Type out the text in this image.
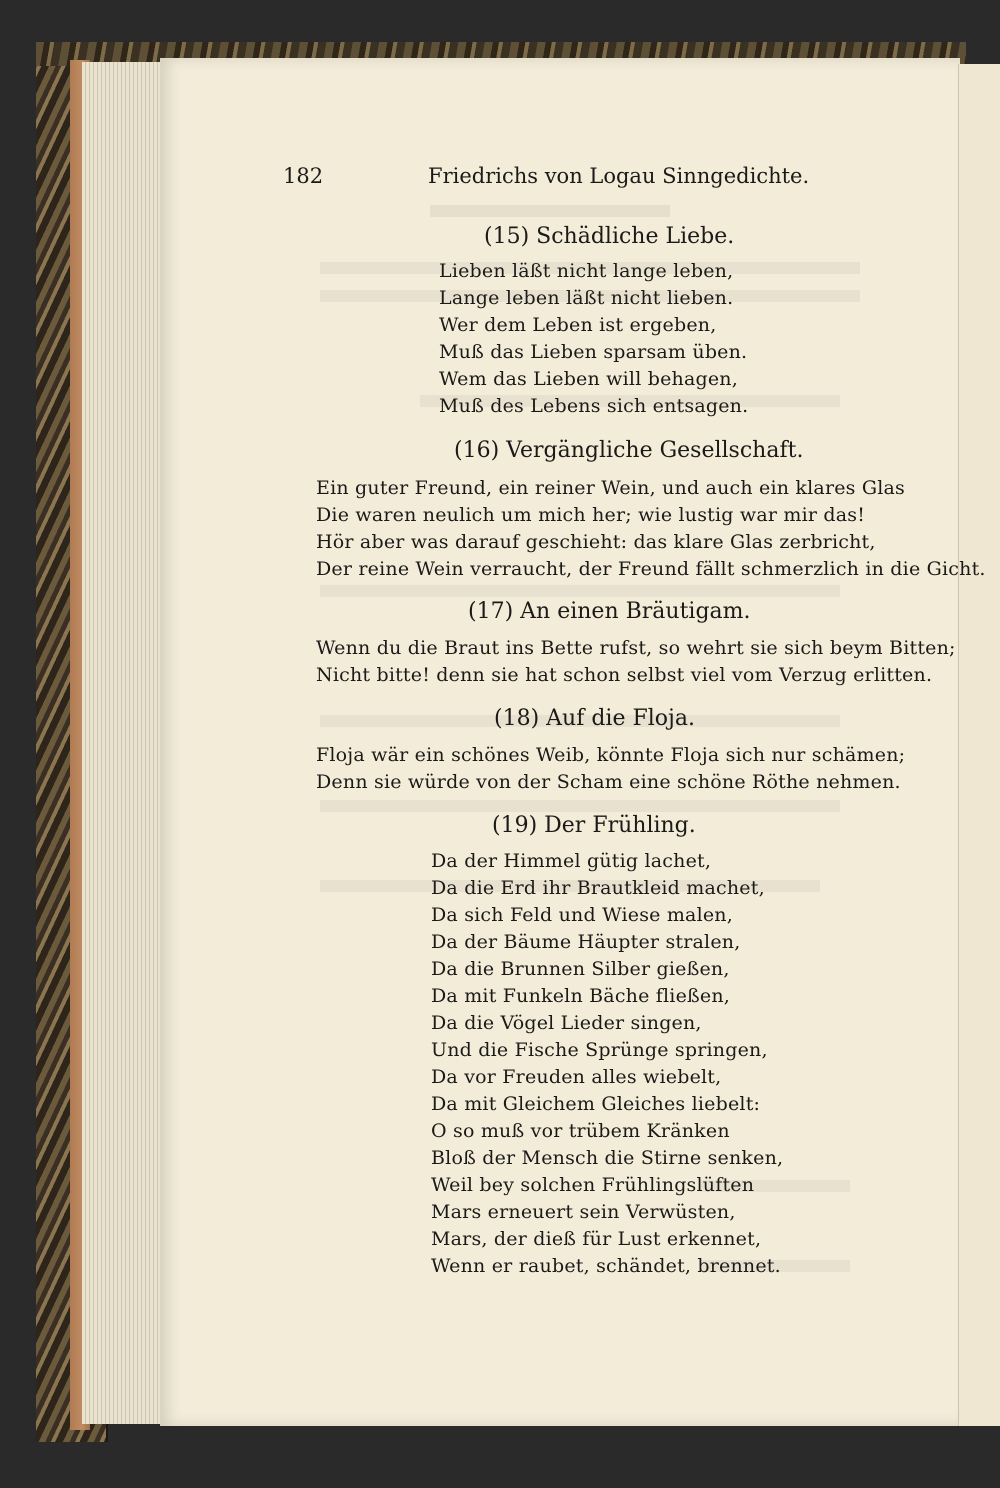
182	Friedrichs von Logau Sinngedichte.
(15) Schädliche Liebe.
Lieben läßt nicht lange leben,
Lange leben läßt nicht lieben.
Wer dem Leben ist ergeben,
Muß das Lieben sparsam üben.
Wem das Lieben will behagen,
Muß des Lebens sich entsagen.
(16) Vergängliche Gesellschaft.
Ein guter Freund, ein reiner Wein, und auch ein klares Glas
Die waren neulich um mich her; wie lustig war mir das!
Hör aber was darauf geschieht: das klare Glas zerbricht,
Der reine Wein verraucht, der Freund fällt schmerzlich in die Gicht.
(17) An einen Bräutigam.
Wenn du die Braut ins Bette rufst, so wehrt sie sich beym Bitten;
Nicht bitte! denn sie hat schon selbst viel vom Verzug erlitten.
(18) Auf die Floja.
Floja wär ein schönes Weib, könnte Floja sich nur schämen;
Denn sie würde von der Scham eine schöne Röthe nehmen.
(19) Der Frühling.
Da der Himmel gütig lachet,
Da die Erd ihr Brautkleid machet,
Da sich Feld und Wiese malen,
Da der Bäume Häupter stralen,
Da die Brunnen Silber gießen,
Da mit Funkeln Bäche fließen,
Da die Vögel Lieder singen,
Und die Fische Sprünge springen,
Da vor Freuden alles wiebelt,
Da mit Gleichem Gleiches liebelt:
O so muß vor trübem Kränken
Bloß der Mensch die Stirne senken,
Weil bey solchen Frühlingslüften
Mars erneuert sein Verwüsten,
Mars, der dieß für Lust erkennet,
Wenn er raubet, schändet, brennet.
